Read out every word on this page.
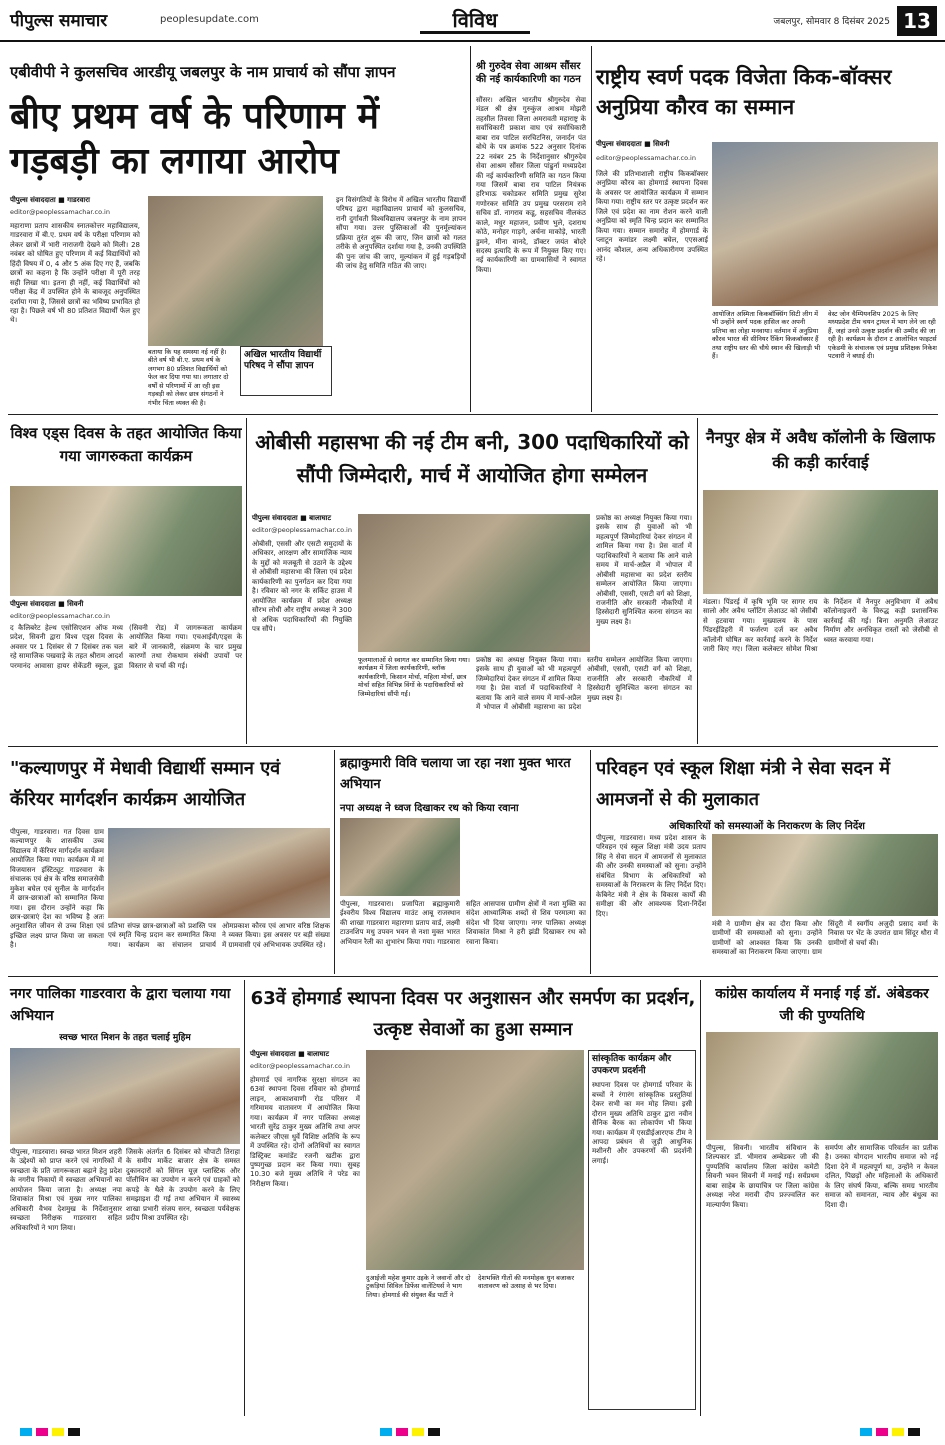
पीपुल्स समाचार	peoplesupdate.com	विविध	जबलपुर, सोमवार 8 दिसंबर 2025 13
एबीवीपी ने कुलसचिव आरडीयू जबलपुर के नाम प्राचार्य को सौंपा ज्ञापन
बीए प्रथम वर्ष के परिणाम में गड़बड़ी का लगाया आरोप
पीपुल्स संवाददाता ■ गाडरवारा
editor@peoplessamachar.co.in
महाराणा प्रताप शासकीय स्नातकोत्तर महाविद्यालय, गाडरवारा में बी.ए. प्रथम वर्ष के परीक्षा परिणाम को लेकर छात्रों में भारी नाराजगी देखने को मिली। 28 नवंबर को घोषित हुए परिणाम में कई विद्यार्थियों को हिंदी विषय में 0, 4 और 5 अंक दिए गए हैं, जबकि छात्रों का कहना है कि उन्होंने परीक्षा में पूरी तरह सही लिखा था। इतना ही नहीं, कई विद्यार्थियों को परीक्षा केंद्र में उपस्थित होने के बावजूद अनुपस्थित दर्शाया गया है, जिससे छात्रों का भविष्य प्रभावित हो रहा है। पिछले वर्ष भी 80 प्रतिशत विद्यार्थी फेल हुए थे।
बताया कि यह समस्या नई नहीं है। बीते वर्ष भी बी.ए. प्रथम वर्ष के लगभग 80 प्रतिशत विद्यार्थियों को फेल कर दिया गया था। लगातार दो वर्षों से परिणामों में आ रही इस गड़बड़ी को लेकर छात्र संगठनों ने गंभीर चिंता व्यक्त की है।
अखिल भारतीय विद्यार्थी परिषद ने सौंपा ज्ञापन
इन विसंगतियों के विरोध में अखिल भारतीय विद्यार्थी परिषद द्वारा महाविद्यालय प्राचार्य को कुलसचिव, रानी दुर्गावती विश्वविद्यालय जबलपुर के नाम ज्ञापन सौंपा गया। उत्तर पुस्तिकाओं की पुनर्मूल्यांकन प्रक्रिया तुरंत शुरू की जाए, जिन छात्रों को गलत तरीके से अनुपस्थित दर्शाया गया है, उनकी उपस्थिति की पुनः जांच की जाए, मूल्यांकन में हुई गड़बड़ियों की जांच हेतु समिति गठित की जाए।
श्री गुरुदेव सेवा आश्रम सौंसर की नई कार्यकारिणी का गठन
सौंसर। अखिल भारतीय श्रीगुरुदेव सेवा मंडल श्री क्षेत्र गुरुकुंज आश्रम मोझरी तहसील तिवसा जिला अमरावती महाराष्ट्र के सर्वाधिकारी प्रकाश वाघ एवं सर्वाधिकारी बाबा राव पाटिल सरचिटनिस, जनार्दन पंत बोथे के पत्र क्रमांक 522 अनुसार दिनांक 22 नवंबर 25 के निर्देशानुसार श्रीगुरुदेव सेवा आश्रम सौंसर जिला पांढुर्ना मध्यप्रदेश की नई कार्यकारिणी समिति का गठन किया गया जिसमें बाबा राव पाटिल नियंत्रक हरिभाऊ चकोडकर समिति प्रमुख सुरेश गणोरकर समिति उप प्रमुख परसराम राने सचिव डॉ. नागराव कडू, सहसचिव नीलकंठ काले, मधुर महाजन, प्रवीण भुले, दशराथ कोठे, मनोहर गाड़गे, अर्चना माकोड़े, भारती डुमने, मीना वानदे, डॉक्टर जयंत बोदरे सदस्य इत्यादि के रूप में नियुक्त किए गए। नई कार्यकारिणी का ग्रामवासियों ने स्वागत किया।
राष्ट्रीय स्वर्ण पदक विजेता किक-बॉक्सर अनुप्रिया कौरव का सम्मान
पीपुल्स संवाददाता ■ सिवनी
editor@peoplessamachar.co.in
जिले की प्रतिभाशाली राष्ट्रीय किकबॉक्सर अनुप्रिया कौरव का होमगार्ड स्थापना दिवस के अवसर पर आयोजित कार्यक्रम में सम्मान किया गया। राष्ट्रीय स्तर पर उत्कृष्ट प्रदर्शन कर जिले एवं प्रदेश का नाम रोशन करने वाली अनुप्रिया को स्मृति चिन्ह प्रदान कर सम्मानित किया गया। सम्मान समारोह में होमगार्ड के प्लाटून कमांडर लक्ष्मी बघेल, एएसआई आनंद कौशल, अन्य अधिकारीगण उपस्थित रहे।
आयोजित अस्मिता किकबॉक्सिंग सिटी लीग में भी उन्होंने स्वर्ण पदक हासिल कर अपनी प्रतिभा का लोहा मनवाया। वर्तमान में अनुप्रिया कौरव भारत की सीनियर रैंकिंग किकबॉक्सर हैं तथा राष्ट्रीय स्तर की चौथे स्थान की खिलाड़ी भी हैं।
वेस्ट जोन चैम्पियनशिप 2025 के लिए मध्यप्रदेश टीम चयन ट्रायल में भाग लेने जा रही हैं, जहां उनसे उत्कृष्ट प्रदर्शन की उम्मीद की जा रही है। कार्यक्रम के दौरान ट आलोचित फाइटर्स एकेडमी के संचालक एवं प्रमुख प्रशिक्षक निकेश पटवारी ने बधाई दी।
विश्व एड्स दिवस के तहत आयोजित किया गया जागरुकता कार्यक्रम
पीपुल्स संवाददाता ■ सिवनी
editor@peoplessamachar.co.in
द कैलिबरेट हेल्थ एसोसिएशन ऑफ मध्य प्रदेश, सिवनी द्वारा विश्व एड्स दिवस के अवसर पर 1 दिसंबर से 7 दिसंबर तक चल रहे सामाजिक पखवाड़े के तहत श्रीराम आदर्श परमानंद आवासा हायर सेकेंडरी स्कूल, डूडा (सिवनी रोड) में जागरूकता कार्यक्रम आयोजित किया गया। एचआईवी/एड्स के बारे में जानकारी, संक्रमण के चार प्रमुख कारणों तथा रोकथाम संबंधी उपायों पर विस्तार से चर्चा की गई।
ओबीसी महासभा की नई टीम बनी, 300 पदाधिकारियों को सौंपी जिम्मेदारी, मार्च में आयोजित होगा सम्मेलन
पीपुल्स संवाददाता ■ बालाघाट
editor@peoplessamachar.co.in
ओबीसी, एससी और एसटी समुदायों के अधिकार, आरक्षण और सामाजिक न्याय के मुद्दों को मजबूती से उठाने के उद्देश्य से ओबीसी महासभा की जिला एवं प्रदेश कार्यकारिणी का पुनर्गठन कर दिया गया है। रविवार को नगर के सर्किट हाउस में आयोजित कार्यक्रम में प्रदेश अध्यक्ष सौरभ लोधी और राष्ट्रीय अध्यक्ष ने 300 से अधिक पदाधिकारियों की नियुक्ति पत्र सौंपे।
फूलमालाओं से स्वागत कर सम्मानित किया गया। कार्यक्रम में जिला कार्यकारिणी, ब्लॉक कार्यकारिणी, किसान मोर्चा, महिला मोर्चा, छात्र मोर्चा सहित विभिन्न विंगों के पदाधिकारियों को जिम्मेदारियां सौंपी गईं।
प्रकोष्ठ का अध्यक्ष नियुक्त किया गया। इसके साथ ही युवाओं को भी महत्वपूर्ण जिम्मेदारियां देकर संगठन में शामिल किया गया है। प्रेस वार्ता में पदाधिकारियों ने बताया कि आने वाले समय में मार्च-अप्रैल में भोपाल में ओबीसी महासभा का प्रदेश स्तरीय सम्मेलन आयोजित किया जाएगा। ओबीसी, एससी, एसटी वर्ग को शिक्षा, राजनीति और सरकारी नौकरियों में हिस्सेदारी सुनिश्चित करना संगठन का मुख्य लक्ष्य है।
प्रकोष्ठ का अध्यक्ष नियुक्त किया गया। इसके साथ ही युवाओं को भी महत्वपूर्ण जिम्मेदारियां देकर संगठन में शामिल किया गया है। प्रेस वार्ता में पदाधिकारियों ने बताया कि आने वाले समय में मार्च-अप्रैल में भोपाल में ओबीसी महासभा का प्रदेश स्तरीय सम्मेलन आयोजित किया जाएगा। ओबीसी, एससी, एसटी वर्ग को शिक्षा, राजनीति और सरकारी नौकरियों में हिस्सेदारी सुनिश्चित करना संगठन का मुख्य लक्ष्य है।
नैनपुर क्षेत्र में अवैध कॉलोनी के खिलाफ की कड़ी कार्रवाई
मंडला। पिंडरई में कृषि भूमि पर सागर राय सालो और अवैध प्लॉटिंग लेआउट को जेसीबी से हटवाया गया। मुख्यालय के पास पिंडरईडिहरी में फर्जरण दर्ज कर अवैध कॉलोनी घोषित कर कार्रवाई करने के निर्देश जारी किए गए। जिला कलेक्टर सोमेश मिश्रा के निर्देशन में नैनपुर अनुविभाग में अवैध कॉलोनाइजरों के विरुद्ध कड़ी प्रशासनिक कार्रवाई की गई। बिना अनुमति लेआउट निर्माण और अनधिकृत रास्तों को जेसीबी से ध्वस्त करवाया गया।
"कल्याणपुर में मेधावी विद्यार्थी सम्मान एवं कॅरियर मार्गदर्शन कार्यक्रम आयोजित
पीपुल्स, गाडरवारा। गत दिवस ग्राम कल्याणपुर के शासकीय उच्च विद्यालय में कॅरियर मार्गदर्शन कार्यक्रम आयोजित किया गया। कार्यक्रम में मां विजयासन इंस्टिट्यूट गाडरवारा के संचालक एवं क्षेत्र के वरिष्ठ समाजसेवी मुकेश बघेल एवं सुनील के मार्गदर्शन में छात्र-छात्राओं को सम्मानित किया गया। इस दौरान उन्होंने कहा कि छात्र-छात्राएं देश का भविष्य है अतः अनुशासित जीवन से उच्च शिक्षा एवं इच्छित लक्ष्य प्राप्त किया जा सकता है।
प्रतिभा संपन्न छात्र-छात्राओं को प्रशस्ति पत्र एवं स्मृति चिन्ह प्रदान कर सम्मानित किया गया। कार्यक्रम का संचालन प्राचार्य ओमप्रकाश कौरव एवं आभार वरिष्ठ शिक्षक ने व्यक्त किया। इस अवसर पर बड़ी संख्या में ग्रामवासी एवं अभिभावक उपस्थित रहे।
ब्रह्माकुमारी विवि चलाया जा रहा नशा मुक्त भारत अभियान
नपा अध्यक्ष ने ध्वज दिखाकर रथ को किया रवाना
पीपुल्स, गाडरवारा। प्रजापिता ब्रह्माकुमारी ईश्वरीय विश्व विद्यालय माउंट आबू राजस्थान की शाखा गाडरवारा महाराणा प्रताप वार्ड, लक्ष्मी टाउनशिप मधु उपवन भवन से नशा मुक्त भारत अभियान रैली का शुभारंभ किया गया। गाडरवारा सहित आसपास ग्रामीण क्षेत्रों में नशा मुक्ति का संदेश आध्यात्मिक शब्दों से शिव परमात्मा का संदेश भी दिया जाएगा। नगर पालिका अध्यक्ष शिवाकांत मिश्रा ने हरी झंडी दिखाकर रथ को रवाना किया।
परिवहन एवं स्कूल शिक्षा मंत्री ने सेवा सदन में आमजनों से की मुलाकात
अधिकारियों को समस्याओं के निराकरण के लिए निर्देश
पीपुल्स, गाडरवारा। मध्य प्रदेश शासन के परिवहन एवं स्कूल शिक्षा मंत्री उदय प्रताप सिंह ने सेवा सदन में आमजनों से मुलाकात की और उनकी समस्याओं को सुना। उन्होंने संबंधित विभाग के अधिकारियों को समस्याओं के निराकरण के लिए निर्देश दिए। केबिनेट मंत्री ने क्षेत्र के विकास कार्यों की समीक्षा की और आवश्यक दिशा-निर्देश दिए।
मंत्री ने ग्रामीण क्षेत्र का दौरा किया और ग्रामीणों की समस्याओं को सुना। उन्होंने ग्रामीणों को आश्वस्त किया कि उनकी समस्याओं का निराकरण किया जाएगा। ग्राम सिंदूरी में स्वर्गीय अजुदी प्रसाद वर्मा के निवास पर भेंट के उपरांत ग्राम सिंदूर धौरा में ग्रामीणों से चर्चा की।
नगर पालिका गाडरवारा के द्वारा चलाया गया अभियान
स्वच्छ भारत मिशन के तहत चलाई मुहिम
पीपुल्स, गाडरवारा। स्वच्छ भारत मिशन शहरी के उद्देश्यों को प्राप्त करने एवं नागरिकों में स्वच्छता के प्रति जागरूकता बढ़ाने हेतु प्रदेश के नगरीय निकायों में स्वच्छता अभियानों का आयोजन किया जाता है। अध्यक्ष नपा शिवाकांत मिश्रा एवं मुख्य नगर पालिका अधिकारी वैभव देशमुख के निर्देशानुसार स्वच्छता निरीक्षक गाडरवारा सहित अधिकारियों ने भाग लिया।
जिसके अंतर्गत 6 दिसंबर को चौपाटी तिराहा के समीप मार्केट बाजार क्षेत्र के समस्त दुकानदारों को सिंगल यूज़ प्लास्टिक और पॉलीथिन का उपयोग न करने एवं ग्राहकों को कपड़े के थैले के उपयोग करने के लिए समझाइश दी गई तथा अभियान में स्वास्थ्य शाखा प्रभारी संजय सरन, स्वच्छता पर्यवेक्षक प्रदीप मिश्रा उपस्थित रहे।
63वें होमगार्ड स्थापना दिवस पर अनुशासन और समर्पण का प्रदर्शन, उत्कृष्ट सेवाओं का हुआ सम्मान
पीपुल्स संवाददाता ■ बालाघाट
editor@peoplessamachar.co.in
होमगार्ड एवं नागरिक सुरक्षा संगठन का 63वां स्थापना दिवस रविवार को होमगार्ड लाइन, आकाशवाणी रोड परिसर में गरिमामय वातावरण में आयोजित किया गया। कार्यक्रम में नगर पालिका अध्यक्ष भारती सुरेंद्र ठाकुर मुख्य अतिथि तथा अपर कलेक्टर जीएस धुर्वे विशिष्ट अतिथि के रूप में उपस्थित रहे। दोनों अतिथियों का स्वागत डिस्ट्रिक्ट कमांडेंट रजनी खटीक द्वारा पुष्पगुच्छ प्रदान कर किया गया। सुबह 10.30 बजे मुख्य अतिथि ने परेड का निरीक्षण किया।
दुआईजी महेश कुमार उइके ने जवानों और दो टुकड़ियां सिविल डिफेंस वालेंटियर्स ने भाग लिया। होमगार्ड की संयुक्त बैंड पार्टी ने देशभक्ति गीतों की मनमोहक धुन बजाकर वातावरण को उत्साह से भर दिया।
सांस्कृतिक कार्यक्रम और उपकरण प्रदर्शनी
स्थापना दिवस पर होमगार्ड परिवार के बच्चों ने रंगारंग सांस्कृतिक प्रस्तुतियां देकर सभी का मन मोह लिया। इसी दौरान मुख्य अतिथि ठाकुर द्वारा नवीन सैनिक बैरक का लोकार्पण भी किया गया। कार्यक्रम में एसडीईआरएफ टीम ने आपदा प्रबंधन से जुड़ी आधुनिक मशीनरी और उपकरणों की प्रदर्शनी लगाई।
कांग्रेस कार्यालय में मनाई गई डॉ. अंबेडकर जी की पुण्यतिथि
पीपुल्स, सिवनी। भारतीय संविधान के शिल्पकार डॉ. भीमराव अम्बेडकर जी की पुण्यतिथि कार्यालय जिला कांग्रेस कमेटी सिवनी भवन सिवनी में मनाई गई। सर्वप्रथम बाबा साहेब के छायाचित्र पर जिला कांग्रेस अध्यक्ष नरेश मरावी दीप प्रज्ज्वलित कर माल्यार्पण किया।
समर्पण और सामाजिक परिवर्तन का प्रतीक है। उनका योगदान भारतीय समाज को नई दिशा देने में महत्वपूर्ण था, उन्होंने न केवल दलित, पिछड़ों और महिलाओं के अधिकारों के लिए संघर्ष किया, बल्कि समग्र भारतीय समाज को समानता, न्याय और बंधुत्व का दिशा दी।
